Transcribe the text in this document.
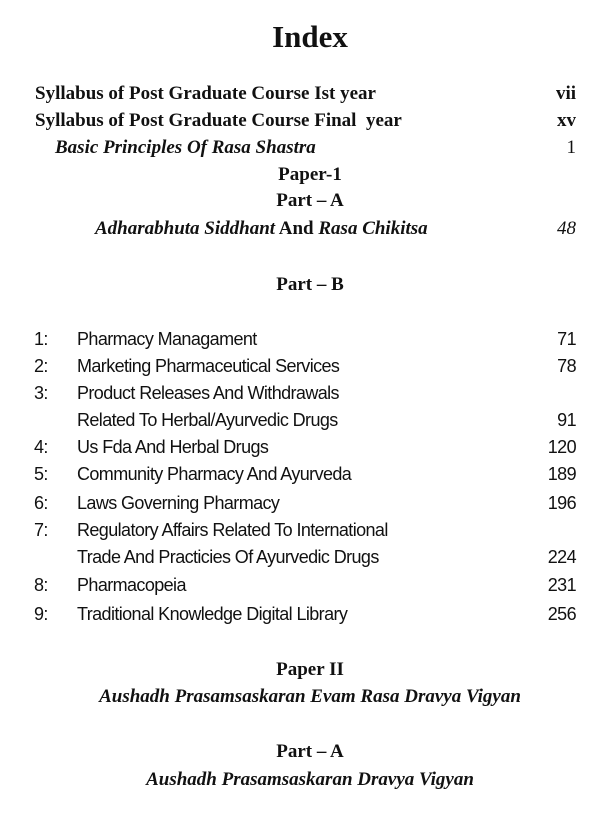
Index
Syllabus of Post Graduate Course Ist year	vii
Syllabus of Post Graduate Course Final  year	xv
Basic Principles Of Rasa Shastra	1
Paper-1
Part – A
Adharabhuta Siddhant And Rasa Chikitsa	48
Part – B
1: Pharmacy Managament	71
2: Marketing Pharmaceutical Services	78
3: Product Releases And Withdrawals
Related To Herbal/Ayurvedic Drugs	91
4: Us Fda And Herbal Drugs	120
5: Community Pharmacy And Ayurveda	189
6: Laws Governing Pharmacy	196
7: Regulatory Affairs Related To International
Trade And Practicies Of Ayurvedic Drugs	224
8: Pharmacopeia	231
9: Traditional Knowledge Digital Library	256
Paper II
Aushadh Prasamsaskaran Evam Rasa Dravya Vigyan
Part – A
Aushadh Prasamsaskaran Dravya Vigyan
